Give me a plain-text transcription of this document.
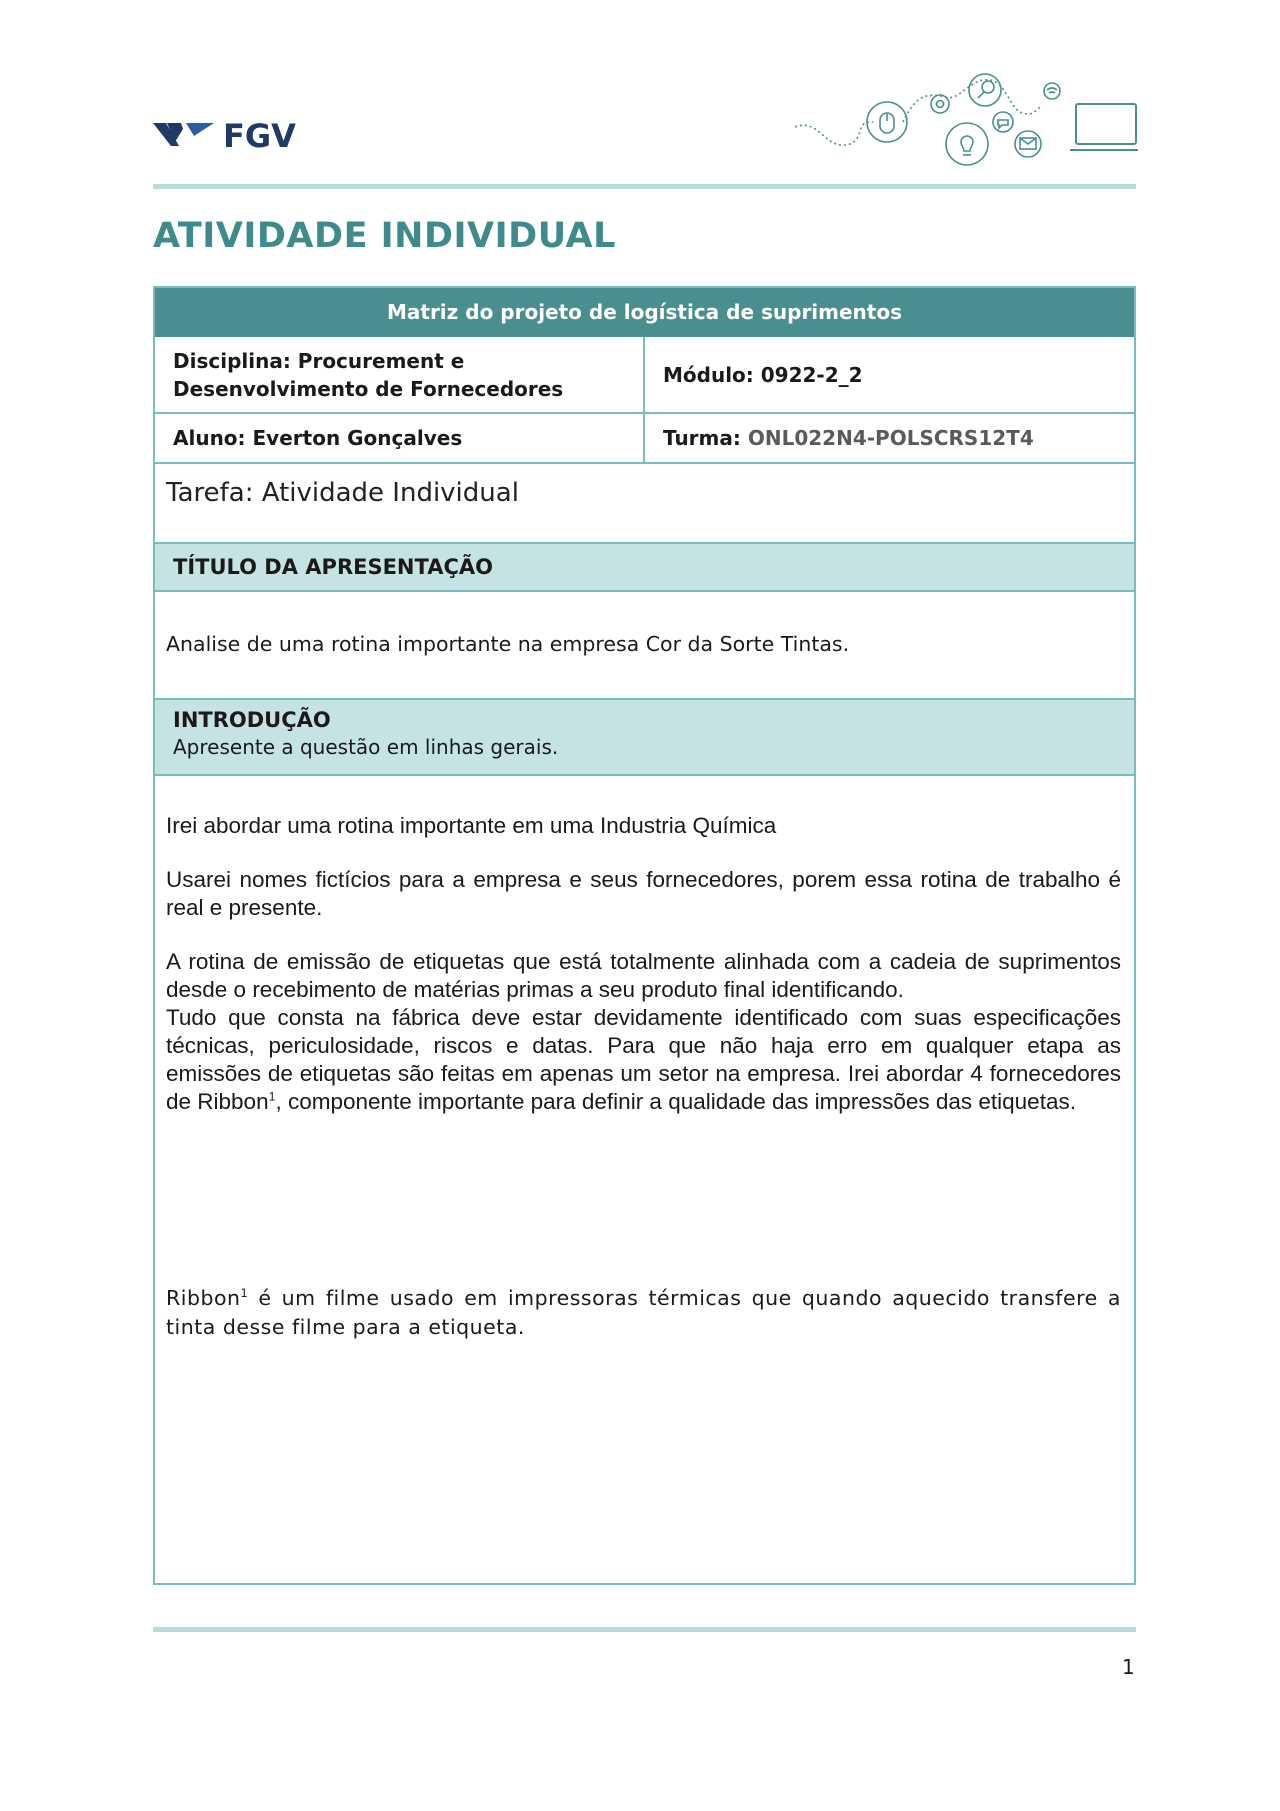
FGV
ATIVIDADE INDIVIDUAL
Matriz do projeto de logística de suprimentos
Disciplina: Procurement e
Desenvolvimento de Fornecedores
Módulo: 0922-2_2
Aluno: Everton Gonçalves	Turma:
ONL022N4-POLSCRS12T4
Tarefa: Atividade Individual
TÍTULO DA APRESENTAÇÃO
Analise de uma rotina importante na empresa Cor da Sorte Tintas.
INTRODUÇÃO
Apresente a questão em linhas gerais.

Irei abordar uma rotina importante em uma Industria Química

Usarei nomes fictícios para a empresa e seus fornecedores, porem essa rotina de trabalho é real e presente.

A rotina de emissão de etiquetas que está totalmente alinhada com a cadeia de suprimentos desde o recebimento de matérias primas a seu produto final identificando.

Tudo que consta na fábrica deve estar devidamente identificado com suas especificações técnicas, periculosidade, riscos e datas. Para que não haja erro em qualquer etapa as emissões de etiquetas são feitas em apenas um setor na empresa. Irei abordar 4 fornecedores de Ribbon$^1$, componente importante para definir a qualidade das impressões das etiquetas.

Ribbon$^1$ é um filme usado em impressoras térmicas que quando aquecido transfere a tinta desse filme para a etiqueta.
1
